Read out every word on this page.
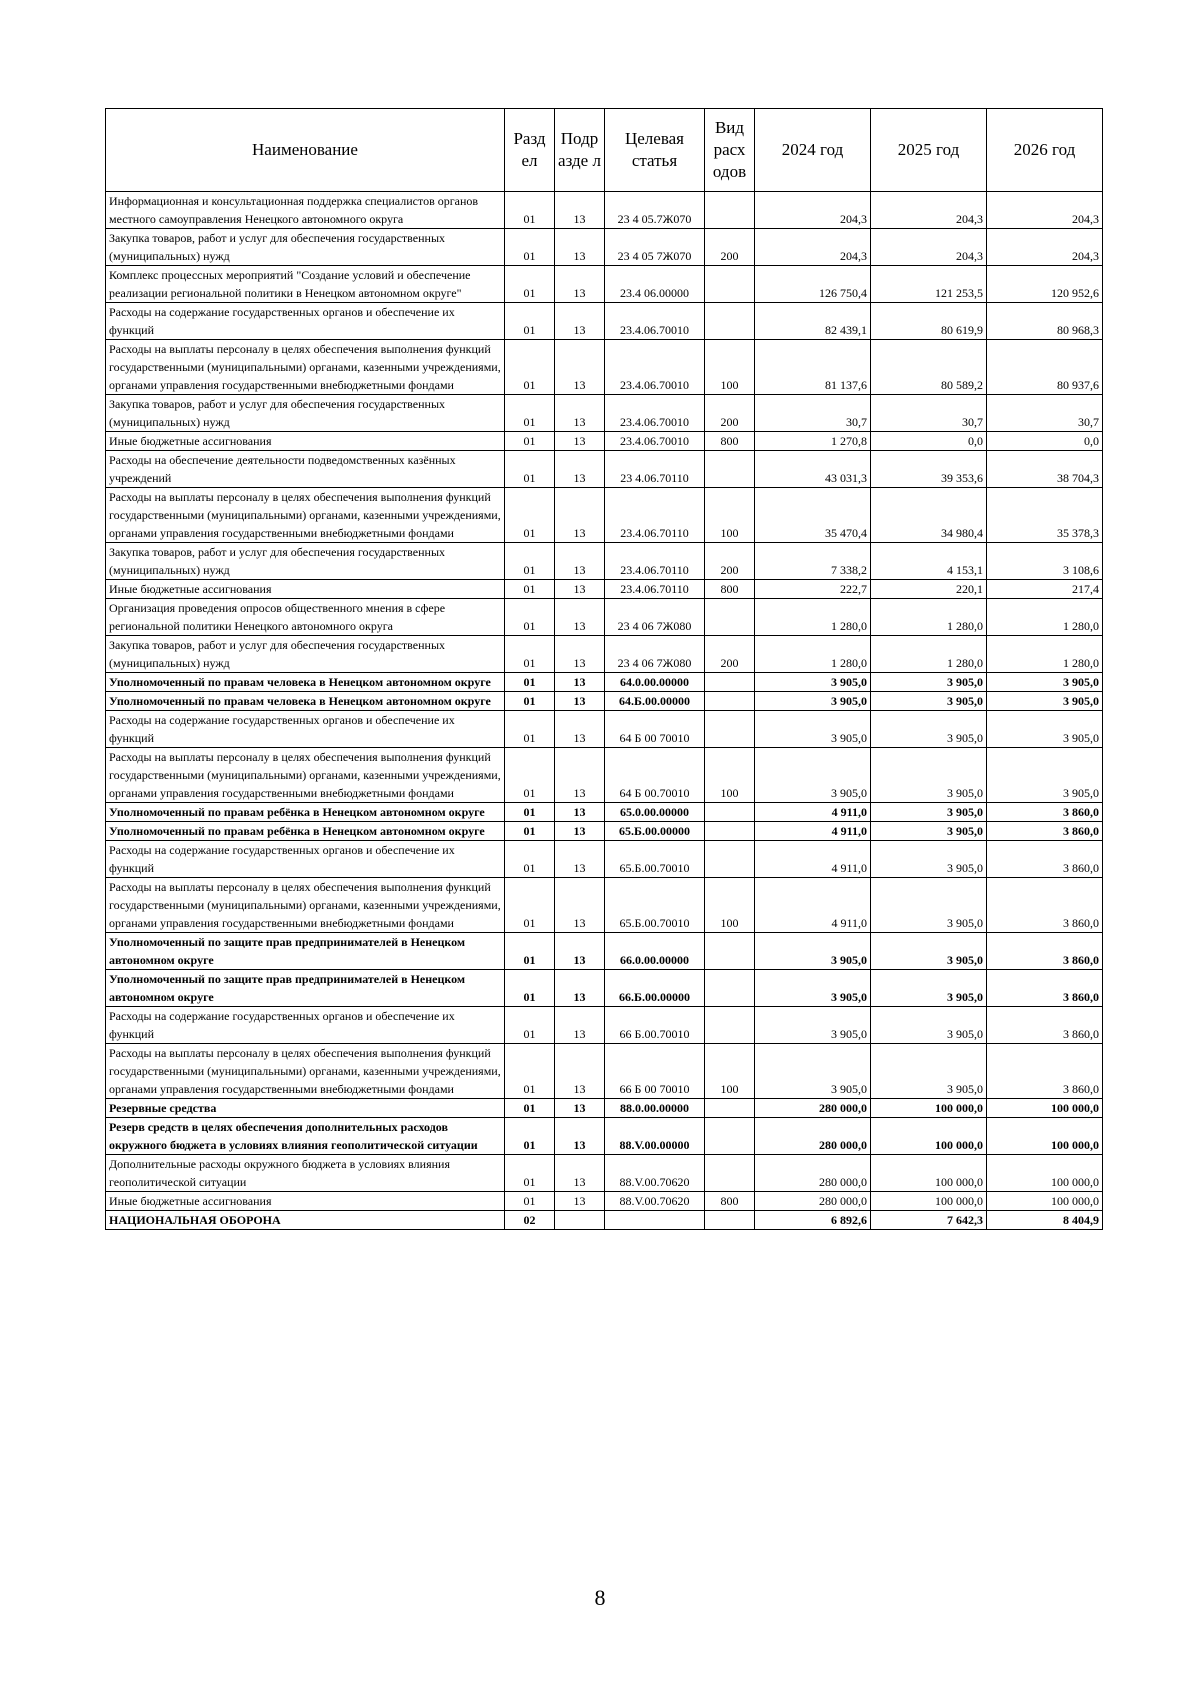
Наименование	Разд ел	Подр азде л	Целевая статья	Вид расх одов	2024 год	2025 год	2026 год
Информационная и консультационная поддержка специалистов органов местного самоуправления Ненецкого автономного округа	01	13	23 4 05.7Ж070		204,3	204,3	204,3
Закупка товаров, работ и услуг для обеспечения государственных (муниципальных) нужд	01	13	23 4 05 7Ж070	200	204,3	204,3	204,3
Комплекс процессных мероприятий "Создание условий и обеспечение реализации региональной политики в Ненецком автономном округе"	01	13	23.4 06.00000		126 750,4	121 253,5	120 952,6
Расходы на содержание государственных органов и обеспечение их функций	01	13	23.4.06.70010		82 439,1	80 619,9	80 968,3
Расходы на выплаты персоналу в целях обеспечения выполнения функций государственными (муниципальными) органами, казенными учреждениями, органами управления государственными внебюджетными фондами	01	13	23.4.06.70010	100	81 137,6	80 589,2	80 937,6
Закупка товаров, работ и услуг для обеспечения государственных (муниципальных) нужд	01	13	23.4.06.70010	200	30,7	30,7	30,7
Иные бюджетные ассигнования	01	13	23.4.06.70010	800	1 270,8	0,0	0,0
Расходы на обеспечение деятельности подведомственных казённых учреждений	01	13	23 4.06.70110		43 031,3	39 353,6	38 704,3
Расходы на выплаты персоналу в целях обеспечения выполнения функций государственными (муниципальными) органами, казенными учреждениями, органами управления государственными внебюджетными фондами	01	13	23.4.06.70110	100	35 470,4	34 980,4	35 378,3
Закупка товаров, работ и услуг для обеспечения государственных (муниципальных) нужд	01	13	23.4.06.70110	200	7 338,2	4 153,1	3 108,6
Иные бюджетные ассигнования	01	13	23.4.06.70110	800	222,7	220,1	217,4
Организация проведения опросов общественного мнения в сфере региональной политики Ненецкого автономного округа	01	13	23 4 06 7Ж080		1 280,0	1 280,0	1 280,0
Закупка товаров, работ и услуг для обеспечения государственных (муниципальных) нужд	01	13	23 4 06 7Ж080	200	1 280,0	1 280,0	1 280,0
Уполномоченный по правам человека в Ненецком автономном округе	01	13	64.0.00.00000		3 905,0	3 905,0	3 905,0
Уполномоченный по правам человека в Ненецком автономном округе	01	13	64.Б.00.00000		3 905,0	3 905,0	3 905,0
Расходы на содержание государственных органов и обеспечение их функций	01	13	64 Б 00 70010		3 905,0	3 905,0	3 905,0
Расходы на выплаты персоналу в целях обеспечения выполнения функций государственными (муниципальными) органами, казенными учреждениями, органами управления государственными внебюджетными фондами	01	13	64 Б 00.70010	100	3 905,0	3 905,0	3 905,0
Уполномоченный по правам ребёнка в Ненецком автономном округе	01	13	65.0.00.00000		4 911,0	3 905,0	3 860,0
Уполномоченный по правам ребёнка в Ненецком автономном округе	01	13	65.Б.00.00000		4 911,0	3 905,0	3 860,0
Расходы на содержание государственных органов и обеспечение их функций	01	13	65.Б.00.70010		4 911,0	3 905,0	3 860,0
Расходы на выплаты персоналу в целях обеспечения выполнения функций государственными (муниципальными) органами, казенными учреждениями, органами управления государственными внебюджетными фондами	01	13	65.Б.00.70010	100	4 911,0	3 905,0	3 860,0
Уполномоченный по защите прав предпринимателей в Ненецком автономном округе	01	13	66.0.00.00000		3 905,0	3 905,0	3 860,0
Уполномоченный по защите прав предпринимателей в Ненецком автономном округе	01	13	66.Б.00.00000		3 905,0	3 905,0	3 860,0
Расходы на содержание государственных органов и обеспечение их функций	01	13	66 Б.00.70010		3 905,0	3 905,0	3 860,0
Расходы на выплаты персоналу в целях обеспечения выполнения функций государственными (муниципальными) органами, казенными учреждениями, органами управления государственными внебюджетными фондами	01	13	66 Б 00 70010	100	3 905,0	3 905,0	3 860,0
Резервные средства	01	13	88.0.00.00000		280 000,0	100 000,0	100 000,0
Резерв средств в целях обеспечения дополнительных расходов окружного бюджета в условиях влияния геополитической ситуации	01	13	88.V.00.00000		280 000,0	100 000,0	100 000,0
Дополнительные расходы окружного бюджета в условиях влияния геополитической ситуации	01	13	88.V.00.70620		280 000,0	100 000,0	100 000,0
Иные бюджетные ассигнования	01	13	88.V.00.70620	800	280 000,0	100 000,0	100 000,0
НАЦИОНАЛЬНАЯ ОБОРОНА	02				6 892,6	7 642,3	8 404,9
8
